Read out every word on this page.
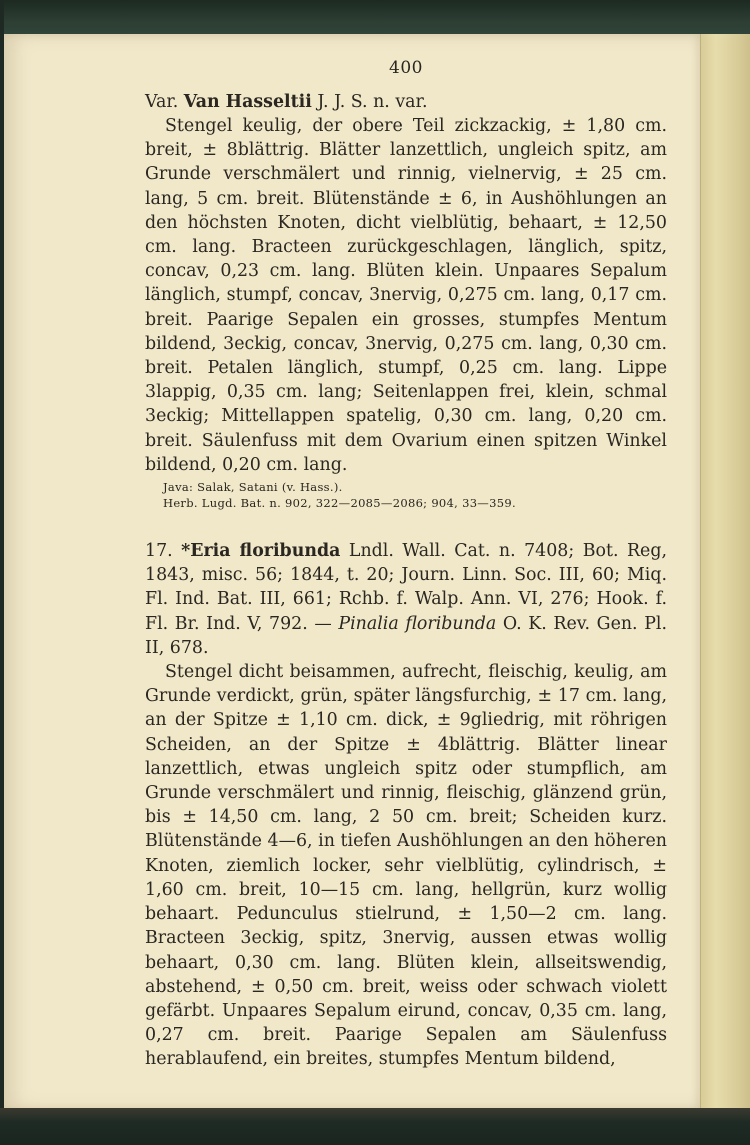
400

Var. Van Hasseltii J. J. S. n. var.

Stengel keulig, der obere Teil zickzackig, ± 1,80 cm. breit, ± 8blättrig. Blätter lanzettlich, ungleich spitz, am Grunde verschmälert und rinnig, vielnervig, ± 25 cm. lang, 5 cm. breit. Blütenstände ± 6, in Aushöhlungen an den höchsten Knoten, dicht vielblütig, behaart, ± 12,50 cm. lang. Bracteen zurückgeschlagen, länglich, spitz, concav, 0,23 cm. lang. Blüten klein. Unpaares Sepalum länglich, stumpf, concav, 3nervig, 0,275 cm. lang, 0,17 cm. breit. Paarige Sepalen ein grosses, stumpfes Mentum bildend, 3eckig, concav, 3nervig, 0,275 cm. lang, 0,30 cm. breit. Petalen länglich, stumpf, 0,25 cm. lang. Lippe 3lappig, 0,35 cm. lang; Seitenlappen frei, klein, schmal 3eckig; Mittellappen spatelig, 0,30 cm. lang, 0,20 cm. breit. Säulenfuss mit dem Ovarium einen spitzen Winkel bildend, 0,20 cm. lang.

Java: Salak, Satani (v. Hass.).

Herb. Lugd. Bat. n. 902, 322—2085—2086; 904, 33—359.

17. *Eria floribunda Lndl. Wall. Cat. n. 7408; Bot. Reg, 1843, misc. 56; 1844, t. 20; Journ. Linn. Soc. III, 60; Miq. Fl. Ind. Bat. III, 661; Rchb. f. Walp. Ann. VI, 276; Hook. f. Fl. Br. Ind. V, 792. — Pinalia floribunda O. K. Rev. Gen. Pl. II, 678.

Stengel dicht beisammen, aufrecht, fleischig, keulig, am Grunde verdickt, grün, später längsfurchig, ± 17 cm. lang, an der Spitze ± 1,10 cm. dick, ± 9gliedrig, mit röhrigen Scheiden, an der Spitze ± 4blättrig. Blätter linear lanzettlich, etwas ungleich spitz oder stumpflich, am Grunde verschmälert und rinnig, fleischig, glänzend grün, bis ± 14,50 cm. lang, 2 50 cm. breit; Scheiden kurz. Blütenstände 4—6, in tiefen Aushöhlungen an den höheren Knoten, ziemlich locker, sehr vielblütig, cylindrisch, ± 1,60 cm. breit, 10—15 cm. lang, hellgrün, kurz wollig behaart. Pedunculus stielrund, ± 1,50—2 cm. lang. Bracteen 3eckig, spitz, 3nervig, aussen etwas wollig behaart, 0,30 cm. lang. Blüten klein, allseitswendig, abstehend, ± 0,50 cm. breit, weiss oder schwach violett gefärbt. Unpaares Sepalum eirund, concav, 0,35 cm. lang, 0,27 cm. breit. Paarige Sepalen am Säulenfuss herablaufend, ein breites, stumpfes Mentum bildend,
